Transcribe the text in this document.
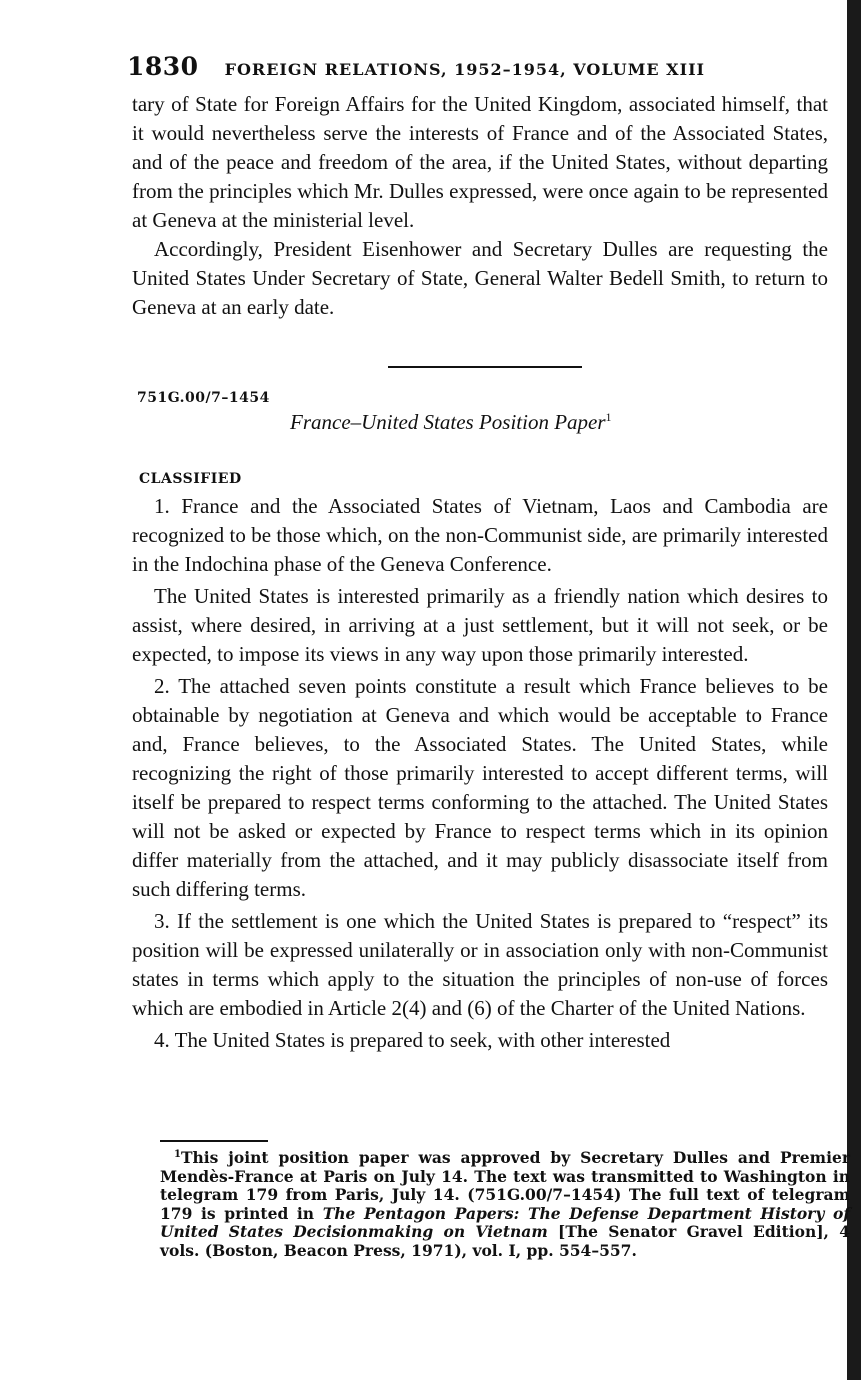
1830 FOREIGN RELATIONS, 1952–1954, VOLUME XIII

tary of State for Foreign Affairs for the United Kingdom, associated himself, that it would nevertheless serve the interests of France and of the Associated States, and of the peace and freedom of the area, if the United States, without departing from the principles which Mr. Dulles expressed, were once again to be represented at Geneva at the ministerial level.

Accordingly, President Eisenhower and Secretary Dulles are requesting the United States Under Secretary of State, General Walter Bedell Smith, to return to Geneva at an early date.

751G.00/7–1454
France–United States Position Paper$^1$
CLASSIFIED

1. France and the Associated States of Vietnam, Laos and Cambodia are recognized to be those which, on the non-Communist side, are primarily interested in the Indochina phase of the Geneva Conference.

The United States is interested primarily as a friendly nation which desires to assist, where desired, in arriving at a just settlement, but it will not seek, or be expected, to impose its views in any way upon those primarily interested.

2. The attached seven points constitute a result which France believes to be obtainable by negotiation at Geneva and which would be acceptable to France and, France believes, to the Associated States. The United States, while recognizing the right of those primarily interested to accept different terms, will itself be prepared to respect terms conforming to the attached. The United States will not be asked or expected by France to respect terms which in its opinion differ materially from the attached, and it may publicly disassociate itself from such differing terms.

3. If the settlement is one which the United States is prepared to “respect” its position will be expressed unilaterally or in association only with non-Communist states in terms which apply to the situation the principles of non-use of forces which are embodied in Article 2(4) and (6) of the Charter of the United Nations.

4. The United States is prepared to seek, with other interested

$^1$This joint position paper was approved by Secretary Dulles and Premier Mendès-France at Paris on July 14. The text was transmitted to Washington in telegram 179 from Paris, July 14. (751G.00/7–1454) The full text of telegram 179 is printed in The Pentagon Papers: The Defense Department History of United States Decisionmaking on Vietnam [The Senator Gravel Edition], 4 vols. (Boston, Beacon Press, 1971), vol. I, pp. 554–557.
